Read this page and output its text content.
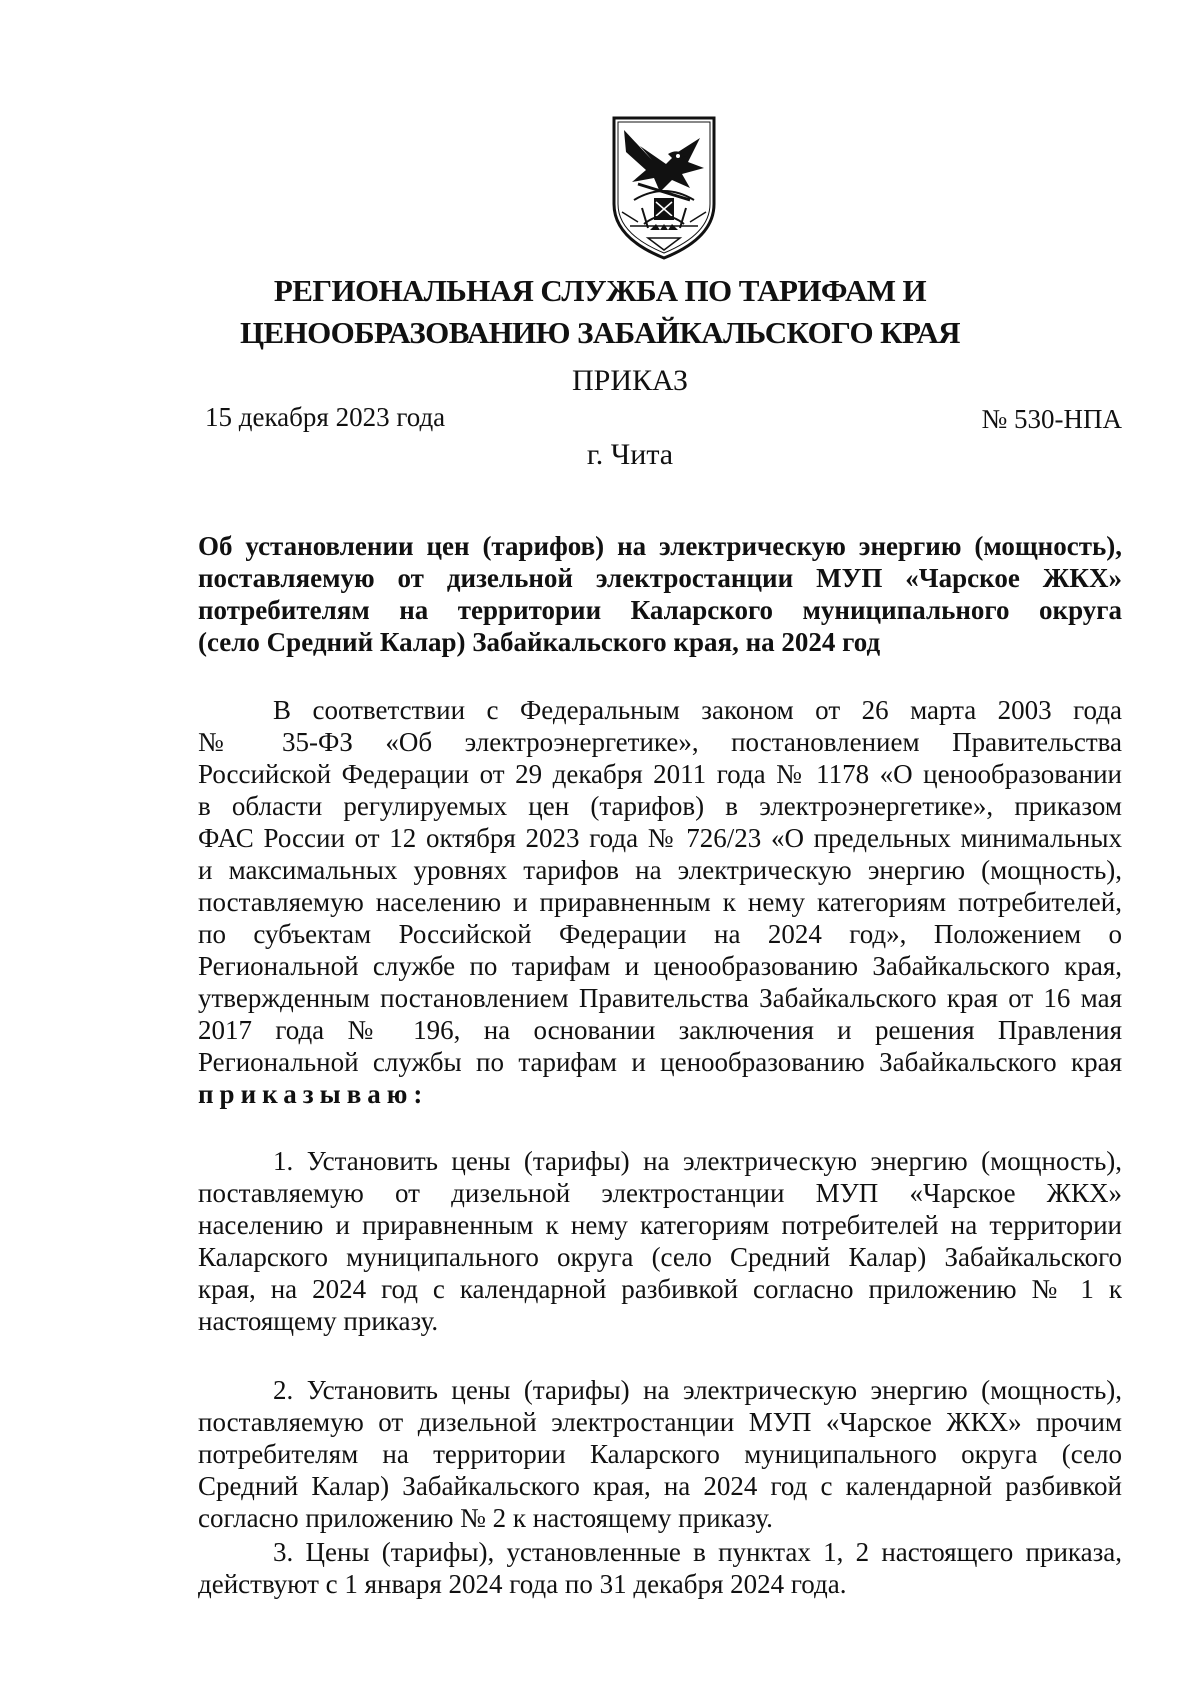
РЕГИОНАЛЬНАЯ СЛУЖБА ПО ТАРИФАМ И
ЦЕНООБРАЗОВАНИЮ ЗАБАЙКАЛЬСКОГО КРАЯ
ПРИКАЗ
15 декабря 2023 года	№ 530-НПА
г. Чита
Об установлении цен (тарифов) на электрическую энергию (мощность),
поставляемую от дизельной электростанции МУП «Чарское ЖКХ»
потребителям на территории Каларского муниципального округа
(село Средний Калар) Забайкальского края, на 2024 год
В соответствии с Федеральным законом от 26 марта 2003 года
№ 35-ФЗ «Об электроэнергетике», постановлением Правительства
Российской Федерации от 29 декабря 2011 года № 1178 «О ценообразовании
в области регулируемых цен (тарифов) в электроэнергетике», приказом
ФАС России от 12 октября 2023 года № 726/23 «О предельных минимальных
и максимальных уровнях тарифов на электрическую энергию (мощность),
поставляемую населению и приравненным к нему категориям потребителей,
по субъектам Российской Федерации на 2024 год», Положением о
Региональной службе по тарифам и ценообразованию Забайкальского края,
утвержденным постановлением Правительства Забайкальского края от 16 мая
2017 года № 196, на основании заключения и решения Правления
Региональной службы по тарифам и ценообразованию Забайкальского края
приказываю:
1. Установить цены (тарифы) на электрическую энергию (мощность),
поставляемую от дизельной электростанции МУП «Чарское ЖКХ»
населению и приравненным к нему категориям потребителей на территории
Каларского муниципального округа (село Средний Калар) Забайкальского
края, на 2024 год с календарной разбивкой согласно приложению № 1 к
настоящему приказу.
2. Установить цены (тарифы) на электрическую энергию (мощность),
поставляемую от дизельной электростанции МУП «Чарское ЖКХ» прочим
потребителям на территории Каларского муниципального округа (село
Средний Калар) Забайкальского края, на 2024 год с календарной разбивкой
согласно приложению № 2 к настоящему приказу.
3. Цены (тарифы), установленные в пунктах 1, 2 настоящего приказа,
действуют с 1 января 2024 года по 31 декабря 2024 года.
